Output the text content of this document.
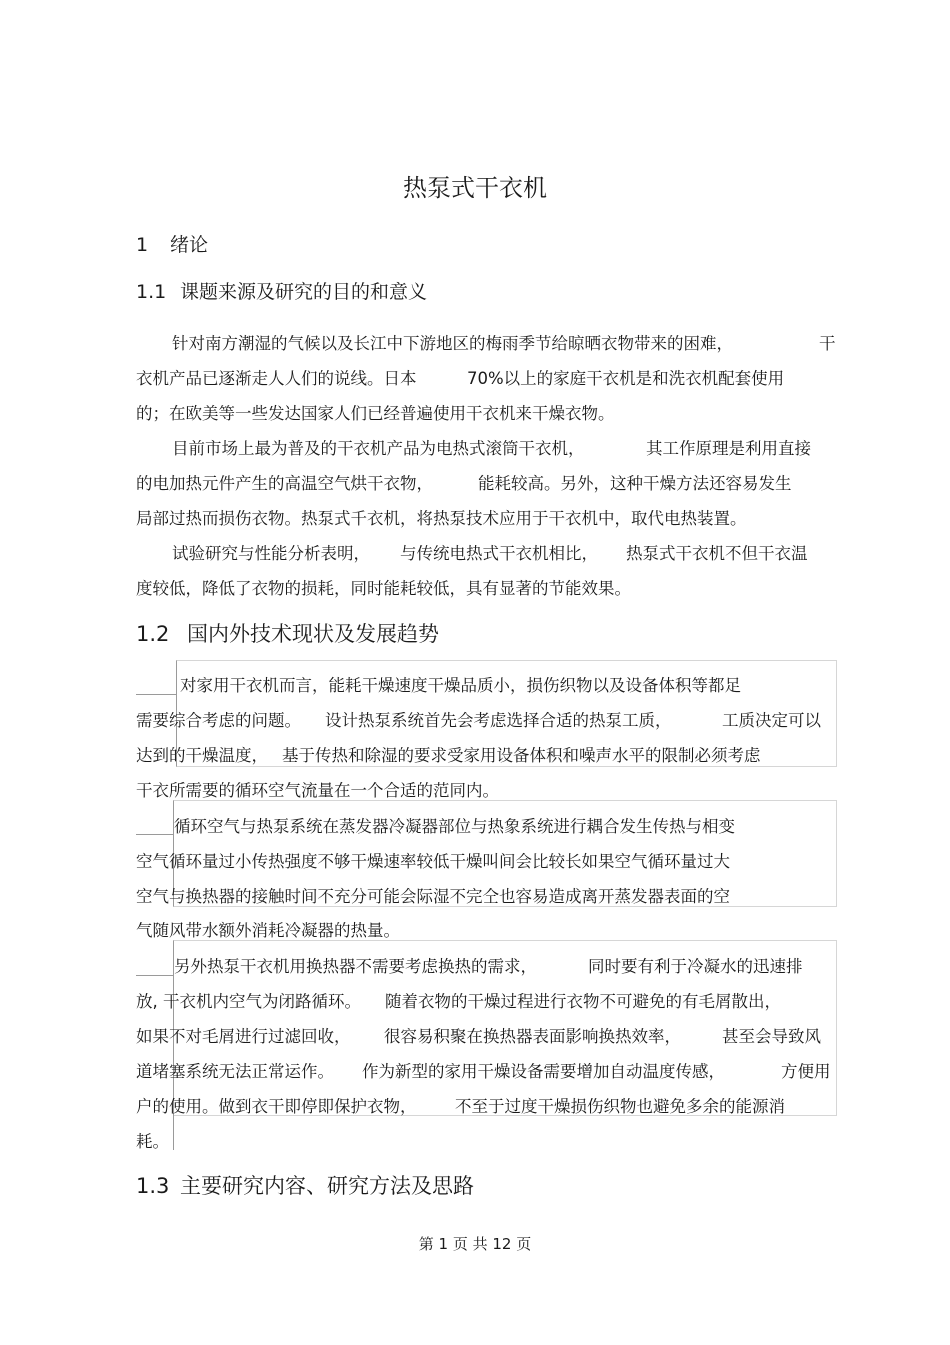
热泵式干衣机
1 绪论
1.1 课题来源及研究的目的和意义
针对南方潮湿的气候以及长江中下游地区的梅雨季节给晾晒衣物带来的困难，	干
衣机产品已逐渐走人人们的说线。日本	70%以上的家庭干衣机是和洗衣机配套使用
的；在欧美等一些发达国家人们已经普遍使用干衣机来干燥衣物。
目前市场上最为普及的干衣机产品为电热式滚筒干衣机，	其工作原理是利用直接
的电加热元件产生的高温空气烘干衣物，	能耗较高。另外，这种干燥方法还容易发生
局部过热而损伤衣物。热泵式千衣机，将热泵技术应用于干衣机中，取代电热装置。
试验研究与性能分析表明， 与传统电热式干衣机相比， 热泵式干衣机不但干衣温
度较低，降低了衣物的损耗，同时能耗较低，具有显著的节能效果。
1.2 国内外技术现状及发展趋势
对家用干衣机而言，能耗干燥速度干燥品质小，损伤织物以及设备体积等都足
需要综合考虑的问题。 设计热泵系统首先会考虑选择合适的热泵工质，	工质决定可以
达到的干燥温度， 基于传热和除湿的要求受家用设备体积和噪声水平的限制必须考虑
干衣所需要的循环空气流量在一个合适的范同内。
循环空气与热泵系统在蒸发器冷凝器部位与热象系统进行耦合发生传热与相变
空气循环量过小传热强度不够干燥速率较低干燥叫间会比较长如果空气循环量过大
空气与换热器的接触时间不充分可能会际湿不完仝也容易造成离开蒸发器表面的空
气随风带水额外消耗冷凝器的热量。
另外热泵干衣机用换热器不需要考虑换热的需求，	同时要有利于冷凝水的迅速排
放, 干衣机内空气为闭路循环。 随着衣物的干燥过程进行衣物不可避免的有毛屑散出，
如果不对毛屑进行过滤回收， 很容易积聚在换热器表面影响换热效率， 甚至会导致风
道堵塞系统无法正常运作。 作为新型的家用干燥设备需要增加自动温度传感，	方便用
户的使用。做到衣干即停即保护衣物， 不至于过度干燥损伤织物也避免多余的能源消
耗。
1.3 主要研究内容、研究方法及思路
第 1 页 共 12 页
